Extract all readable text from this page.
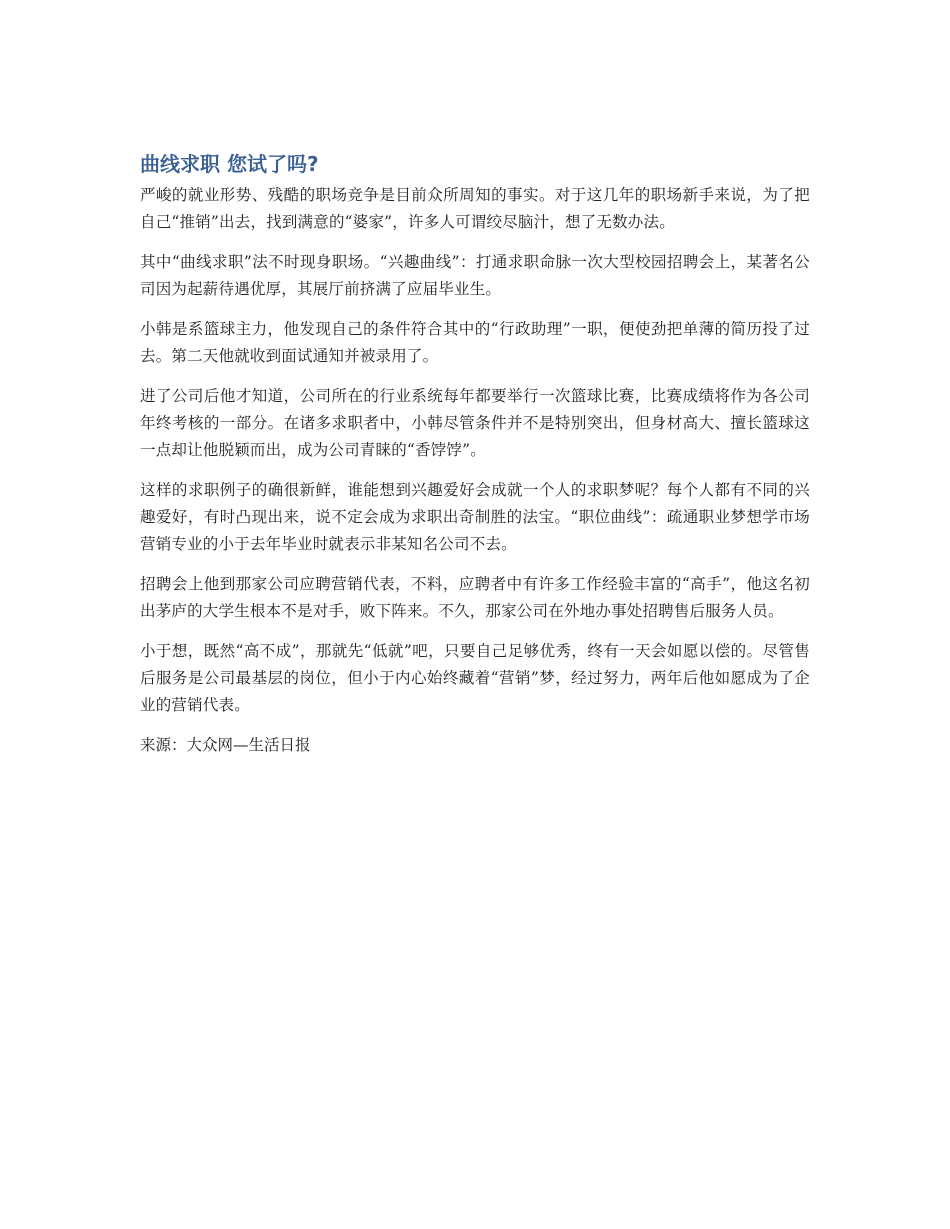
曲线求职 您试了吗?

严峻的就业形势、残酷的职场竞争是目前众所周知的事实。对于这几年的职场新手来说，为了把自己“推销”出去，找到满意的“婆家”，许多人可谓绞尽脑汁，想了无数办法。

其中“曲线求职”法不时现身职场。“兴趣曲线”：打通求职命脉一次大型校园招聘会上，某著名公司因为起薪待遇优厚，其展厅前挤满了应届毕业生。

小韩是系篮球主力，他发现自己的条件符合其中的“行政助理”一职，便使劲把单薄的简历投了过去。第二天他就收到面试通知并被录用了。

进了公司后他才知道，公司所在的行业系统每年都要举行一次篮球比赛，比赛成绩将作为各公司年终考核的一部分。在诸多求职者中，小韩尽管条件并不是特别突出，但身材高大、擅长篮球这一点却让他脱颖而出，成为公司青睐的“香饽饽”。

这样的求职例子的确很新鲜，谁能想到兴趣爱好会成就一个人的求职梦呢？每个人都有不同的兴趣爱好，有时凸现出来，说不定会成为求职出奇制胜的法宝。“职位曲线”：疏通职业梦想学市场营销专业的小于去年毕业时就表示非某知名公司不去。

招聘会上他到那家公司应聘营销代表，不料，应聘者中有许多工作经验丰富的“高手”，他这名初出茅庐的大学生根本不是对手，败下阵来。不久，那家公司在外地办事处招聘售后服务人员。

小于想，既然“高不成”，那就先“低就”吧，只要自己足够优秀，终有一天会如愿以偿的。尽管售后服务是公司最基层的岗位，但小于内心始终藏着“营销”梦，经过努力，两年后他如愿成为了企业的营销代表。

来源：大众网—生活日报
